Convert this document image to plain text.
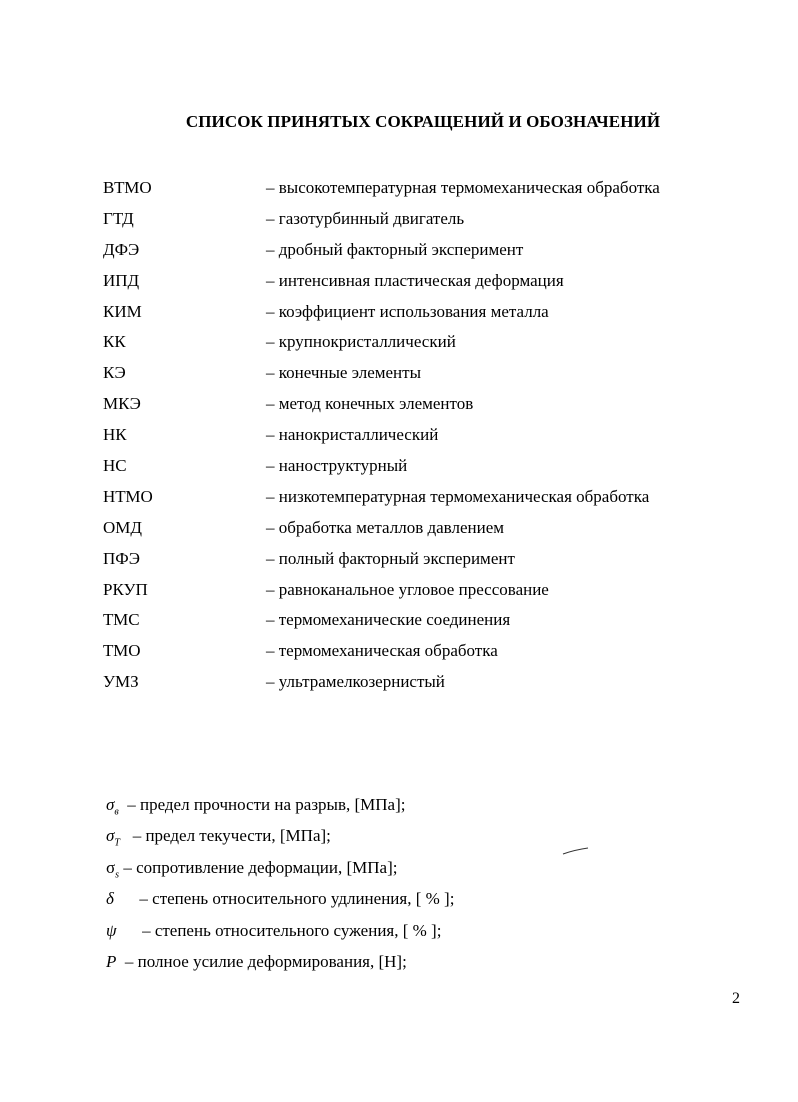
СПИСОК ПРИНЯТЫХ СОКРАЩЕНИЙ И ОБОЗНАЧЕНИЙ
ВТМО	– высокотемпературная термомеханическая обработка
ГТД	– газотурбинный двигатель
ДФЭ	– дробный факторный эксперимент
ИПД	– интенсивная пластическая деформация
КИМ	– коэффициент использования металла
КК	– крупнокристаллический
КЭ	– конечные элементы
МКЭ	– метод конечных элементов
НК	– нанокристаллический
НС	– наноструктурный
НТМО	– низкотемпературная термомеханическая обработка
ОМД	– обработка металлов давлением
ПФЭ	– полный факторный эксперимент
РКУП	– равноканальное угловое прессование
ТМС	– термомеханические соединения
ТМО	– термомеханическая обработка
УМЗ	– ультрамелкозернистый
$\sigma_в$  – предел прочности на разрыв, [МПа];
$\sigma_T$   – предел текучести, [МПа];
$\sigma_s$ – сопротивление деформации, [МПа];
δ      – степень относительного удлинения, [ % ];
ψ      – степень относительного сужения, [ % ];
P  – полное усилие деформирования, [Н];
2
